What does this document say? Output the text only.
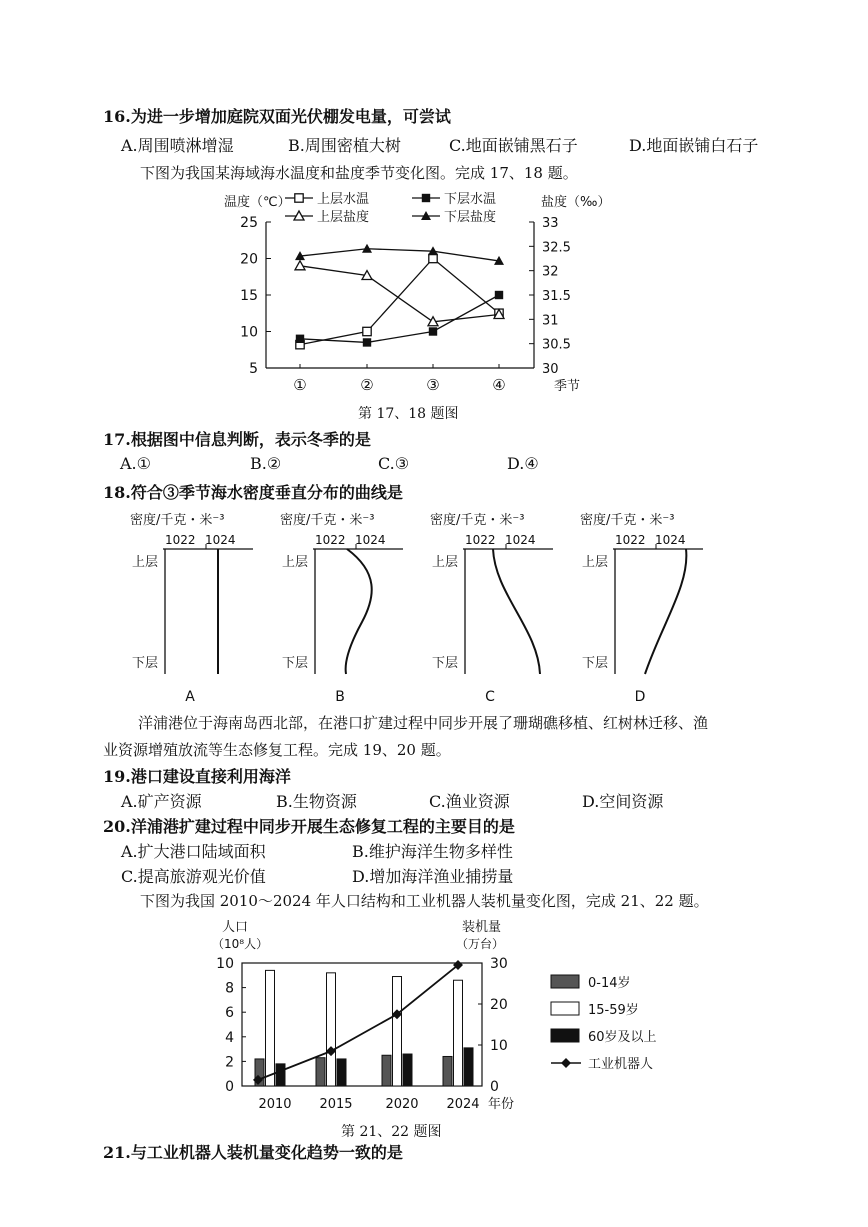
16.为进一步增加庭院双面光伏棚发电量，可尝试
A.周围喷淋增湿	B.周围密植大树	C.地面嵌铺黑石子	D.地面嵌铺白石子
下图为我国某海域海水温度和盐度季节变化图。完成 17、18 题。
上层水温	下层水温
上层盐度	下层盐度
温度（℃）	盐度（‰）
5
10
15
20
25
30
30.5
31
31.5
32
32.5
33
①	②	③	④	季节
第 17、18 题图
17.根据图中信息判断，表示冬季的是
A.①	B.②	C.③	D.④
18.符合③季节海水密度垂直分布的曲线是
密度/千克・米⁻³
1022 1024
上层
下层
A
密度/千克・米⁻³
1022 1024
上层
下层
B
密度/千克・米⁻³
1022 1024
上层
下层
C
密度/千克・米⁻³
1022 1024
上层
下层
D
洋浦港位于海南岛西北部，在港口扩建过程中同步开展了珊瑚礁移植、红树林迁移、渔
业资源增殖放流等生态修复工程。完成 19、20 题。
19.港口建设直接利用海洋
A.矿产资源	B.生物资源	C.渔业资源	D.空间资源
20.洋浦港扩建过程中同步开展生态修复工程的主要目的是
A.扩大港口陆域面积	B.维护海洋生物多样性
C.提高旅游观光价值	D.增加海洋渔业捕捞量
下图为我国 2010～2024 年人口结构和工业机器人装机量变化图，完成 21、22 题。
人口
（10⁸人）
装机量
（万台）
0
2
4
6
8
10
0
10
20
30
2010 2015	2020 2024 年份
0-14岁
15-59岁
60岁及以上
工业机器人
第 21、22 题图
21.与工业机器人装机量变化趋势一致的是
